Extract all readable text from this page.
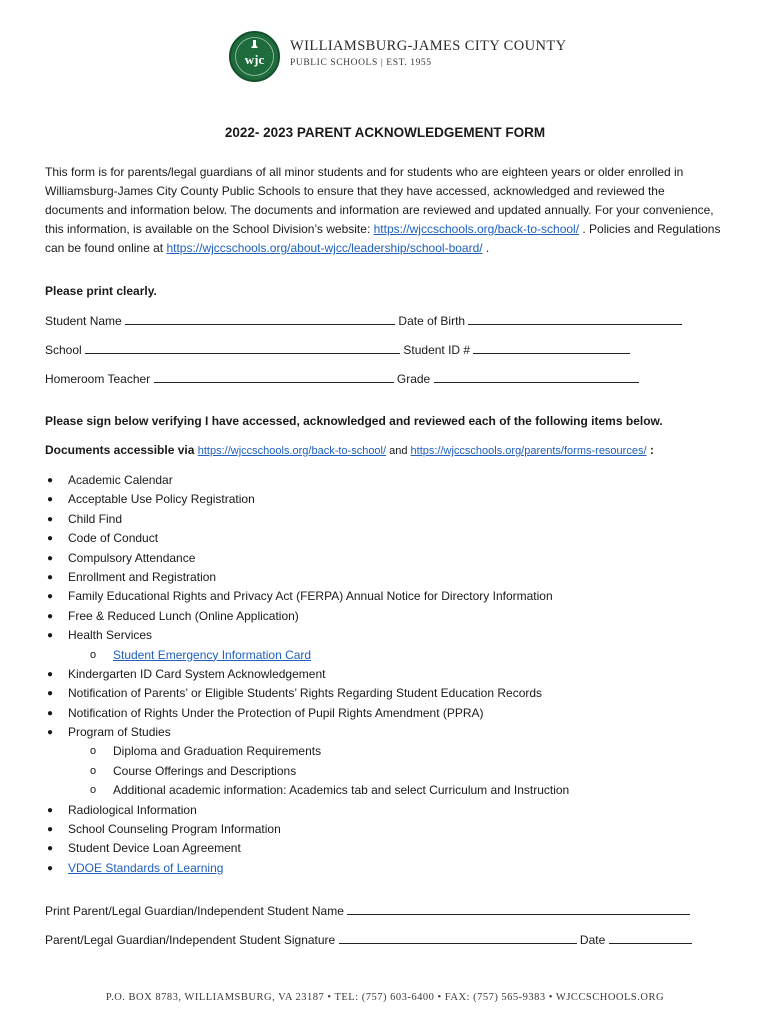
wjc
WILLIAMSBURG-JAMES CITY COUNTY
PUBLIC SCHOOLS | EST. 1955
2022- 2023 PARENT ACKNOWLEDGEMENT FORM

This form is for parents/legal guardians of all minor students and for students who are eighteen years or older enrolled in Williamsburg-James City County Public Schools to ensure that they have accessed, acknowledged and reviewed the documents and information below. The documents and information are reviewed and updated annually. For your convenience, this information, is available on the School Division’s website: https://wjccschools.org/back-to-school/ . Policies and Regulations can be found online at https://wjccschools.org/about-wjcc/leadership/school-board/ .

Please print clearly.
Student Name	Date of Birth
School	Student ID #
Homeroom Teacher	Grade
Please sign below verifying I have accessed, acknowledged and reviewed each of the following items below.
Documents accessible via https://wjccschools.org/back-to-school/ and https://wjccschools.org/parents/forms-resources/ :
● Academic Calendar
● Acceptable Use Policy Registration
● Child Find
● Code of Conduct
● Compulsory Attendance
● Enrollment and Registration
● Family Educational Rights and Privacy Act (FERPA) Annual Notice for Directory Information
● Free & Reduced Lunch (Online Application)
● Health Services
o Student Emergency Information Card
● Kindergarten ID Card System Acknowledgement
● Notification of Parents’ or Eligible Students’ Rights Regarding Student Education Records
● Notification of Rights Under the Protection of Pupil Rights Amendment (PPRA)
● Program of Studies
o Diploma and Graduation Requirements
o Course Offerings and Descriptions
o Additional academic information: Academics tab and select Curriculum and Instruction
● Radiological Information
● School Counseling Program Information
● Student Device Loan Agreement
● VDOE Standards of Learning
Print Parent/Legal Guardian/Independent Student Name
Parent/Legal Guardian/Independent Student Signature	Date
P.O. BOX 8783, WILLIAMSBURG, VA 23187 • TEL: (757) 603-6400 • FAX: (757) 565-9383 • WJCCSCHOOLS.ORG
